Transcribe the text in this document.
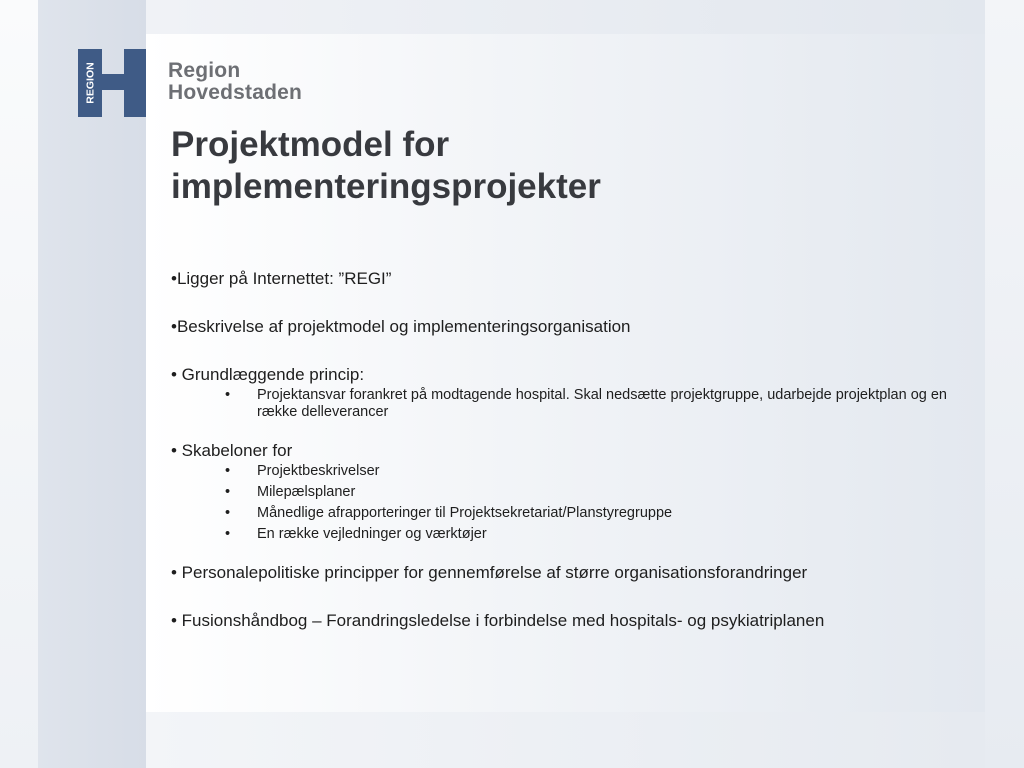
REGION	Region
Hovedstaden
Projektmodel for
implementeringsprojekter

•Ligger på Internettet: ”REGI”

•Beskrivelse af projektmodel og implementeringsorganisation

• Grundlæggende princip:

• Projektansvar forankret på modtagende hospital. Skal nedsætte projektgruppe, udarbejde projektplan og en række delleverancer

• Skabeloner for

• Projektbeskrivelser
• Milepælsplaner
• Månedlige afrapporteringer til Projektsekretariat/Planstyregruppe
• En række vejledninger og værktøjer

• Personalepolitiske principper for gennemførelse af større organisationsforandringer

• Fusionshåndbog – Forandringsledelse i forbindelse med hospitals- og psykiatriplanen
